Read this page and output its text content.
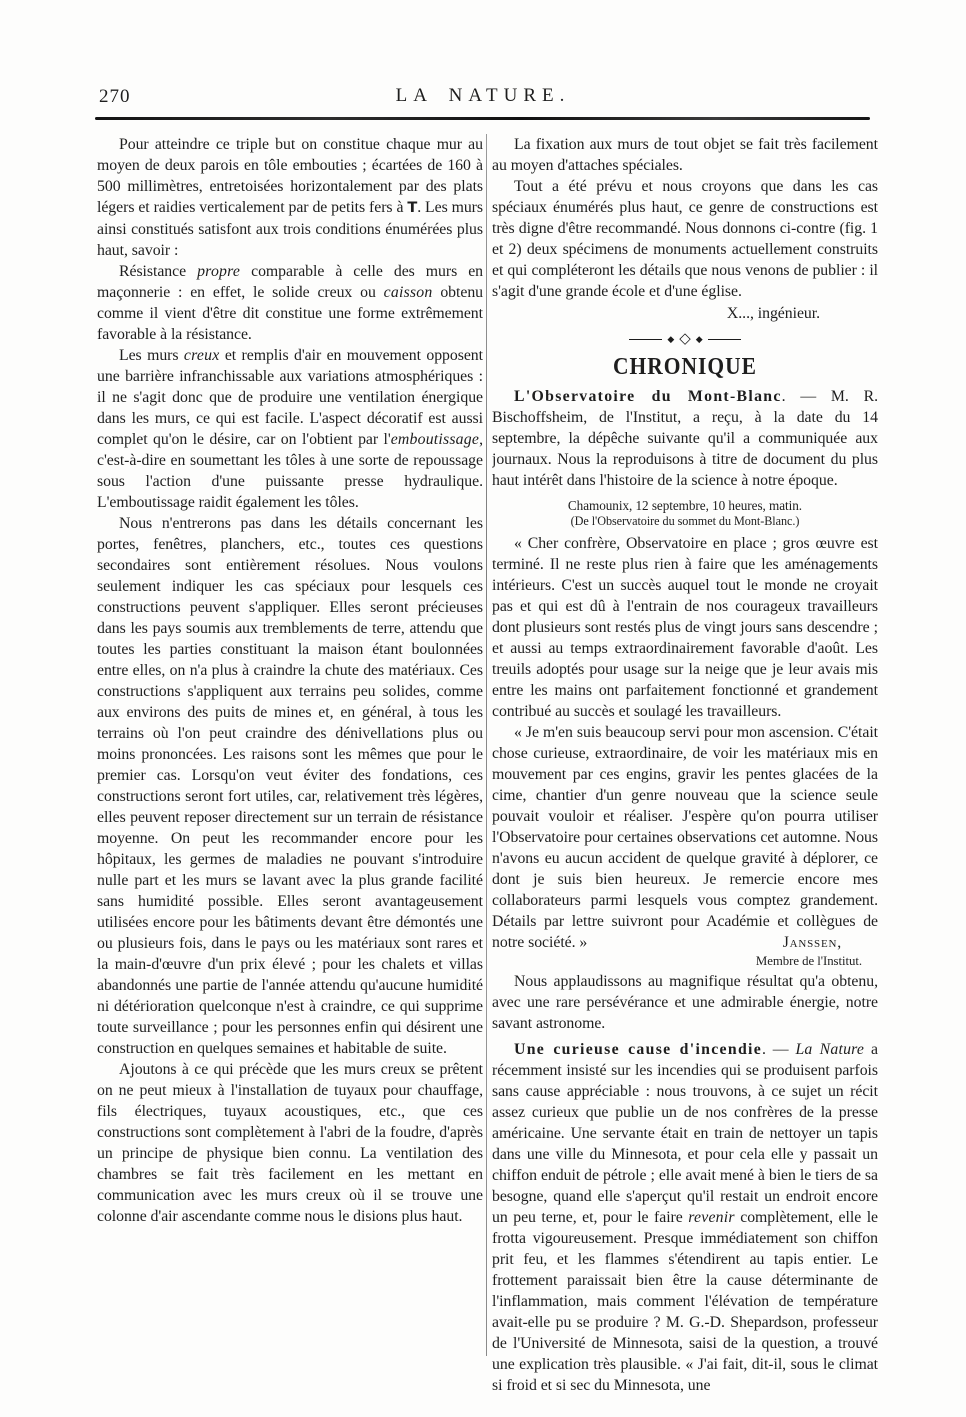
270	LA NATURE.

Pour atteindre ce triple but on constitue chaque mur au moyen de deux parois en tôle embouties ; écartées de 160 à 500 millimètres, entretoisées horizontalement par des plats légers et raidies verticalement par de petits fers à T. Les murs ainsi constitués satisfont aux trois conditions énumérées plus haut, savoir :

Résistance propre comparable à celle des murs en maçonnerie : en effet, le solide creux ou caisson obtenu comme il vient d'être dit constitue une forme extrêmement favorable à la résistance.

Les murs creux et remplis d'air en mouvement opposent une barrière infranchissable aux variations atmosphériques : il ne s'agit donc que de produire une ventilation énergique dans les murs, ce qui est facile. L'aspect décoratif est aussi complet qu'on le désire, car on l'obtient par l'emboutissage, c'est-à-dire en soumettant les tôles à une sorte de repoussage sous l'action d'une puissante presse hydraulique. L'emboutissage raidit également les tôles.

Nous n'entrerons pas dans les détails concernant les portes, fenêtres, planchers, etc., toutes ces questions secondaires sont entièrement résolues. Nous voulons seulement indiquer les cas spéciaux pour lesquels ces constructions peuvent s'appliquer. Elles seront précieuses dans les pays soumis aux tremblements de terre, attendu que toutes les parties constituant la maison étant boulonnées entre elles, on n'a plus à craindre la chute des matériaux. Ces constructions s'appliquent aux terrains peu solides, comme aux environs des puits de mines et, en général, à tous les terrains où l'on peut craindre des dénivellations plus ou moins prononcées. Les raisons sont les mêmes que pour le premier cas. Lorsqu'on veut éviter des fondations, ces constructions seront fort utiles, car, relativement très légères, elles peuvent reposer directement sur un terrain de résistance moyenne. On peut les recommander encore pour les hôpitaux, les germes de maladies ne pouvant s'introduire nulle part et les murs se lavant avec la plus grande facilité sans humidité possible. Elles seront avantageusement utilisées encore pour les bâtiments devant être démontés une ou plusieurs fois, dans le pays ou les matériaux sont rares et la main-d'œuvre d'un prix élevé ; pour les chalets et villas abandonnés une partie de l'année attendu qu'aucune humidité ni détérioration quelconque n'est à craindre, ce qui supprime toute surveillance ; pour les personnes enfin qui désirent une construction en quelques semaines et habitable de suite.

Ajoutons à ce qui précède que les murs creux se prêtent on ne peut mieux à l'installation de tuyaux pour chauffage, fils électriques, tuyaux acoustiques, etc., que ces constructions sont complètement à l'abri de la foudre, d'après un principe de physique bien connu. La ventilation des chambres se fait très facilement en les mettant en communication avec les murs creux où il se trouve une colonne d'air ascendante comme nous le disions plus haut.

La fixation aux murs de tout objet se fait très facilement au moyen d'attaches spéciales.

Tout a été prévu et nous croyons que dans les cas spéciaux énumérés plus haut, ce genre de constructions est très digne d'être recommandé. Nous donnons ci-contre (fig. 1 et 2) deux spécimens de monuments actuellement construits et qui compléteront les détails que nous venons de publier : il s'agit d'une grande école et d'une église.

X..., ingénieur.
◆ ◇ ◆
CHRONIQUE

L'Observatoire du Mont-Blanc. — M. R. Bischoffsheim, de l'Institut, a reçu, à la date du 14 septembre, la dépêche suivante qu'il a communiquée aux journaux. Nous la reproduisons à titre de document du plus haut intérêt dans l'histoire de la science à notre époque.

Chamounix, 12 septembre, 10 heures, matin.

(De l'Observatoire du sommet du Mont-Blanc.)

« Cher confrère, Observatoire en place ; gros œuvre est terminé. Il ne reste plus rien à faire que les aménagements intérieurs. C'est un succès auquel tout le monde ne croyait pas et qui est dû à l'entrain de nos courageux travailleurs dont plusieurs sont restés plus de vingt jours sans descendre ; et aussi au temps extraordinairement favorable d'août. Les treuils adoptés pour usage sur la neige que je leur avais mis entre les mains ont parfaitement fonctionné et grandement contribué au succès et soulagé les travailleurs.

« Je m'en suis beaucoup servi pour mon ascension. C'était chose curieuse, extraordinaire, de voir les matériaux mis en mouvement par ces engins, gravir les pentes glacées de la cime, chantier d'un genre nouveau que la science seule pouvait vouloir et réaliser. J'espère qu'on pourra utiliser l'Observatoire pour certaines observations cet automne. Nous n'avons eu aucun accident de quelque gravité à déplorer, ce dont je suis bien heureux. Je remercie encore mes collaborateurs parmi lesquels vous comptez grandement. Détails par lettre suivront pour Académie et collègues de notre société. »	Janssen,

Membre de l'Institut.

Nous applaudissons au magnifique résultat qu'a obtenu, avec une rare persévérance et une admirable énergie, notre savant astronome.

Une curieuse cause d'incendie. — La Nature a récemment insisté sur les incendies qui se produisent parfois sans cause appréciable : nous trouvons, à ce sujet un récit assez curieux que publie un de nos confrères de la presse américaine. Une servante était en train de nettoyer un tapis dans une ville du Minnesota, et pour cela elle y passait un chiffon enduit de pétrole ; elle avait mené à bien le tiers de sa besogne, quand elle s'aperçut qu'il restait un endroit encore un peu terne, et, pour le faire revenir complètement, elle le frotta vigoureusement. Presque immédiatement son chiffon prit feu, et les flammes s'étendirent au tapis entier. Le frottement paraissait bien être la cause déterminante de l'inflammation, mais comment l'élévation de température avait-elle pu se produire ? M. G.-D. Shepardson, professeur de l'Université de Minnesota, saisi de la question, a trouvé une explication très plausible. « J'ai fait, dit-il, sous le climat si froid et si sec du Minnesota, une
